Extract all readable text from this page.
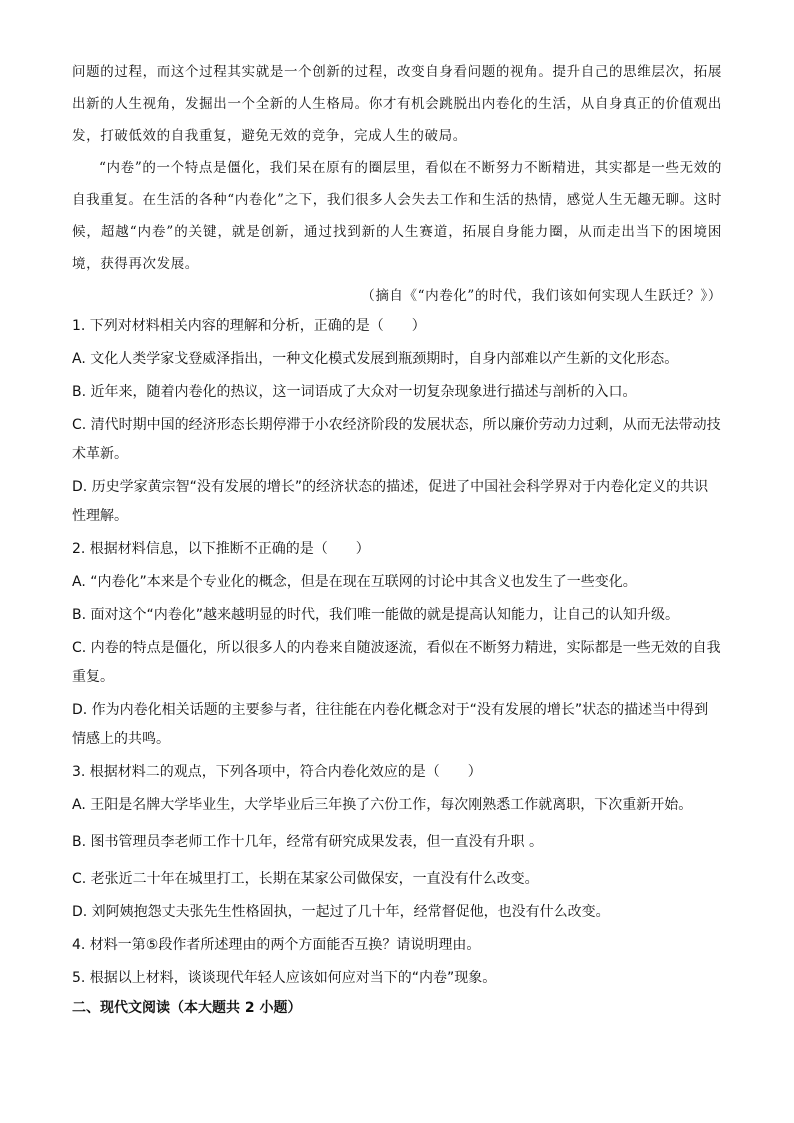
问题的过程，而这个过程其实就是一个创新的过程，改变自身看问题的视角。提升自己的思维层次，拓展出新的人生视角，发掘出一个全新的人生格局。你才有机会跳脱出内卷化的生活，从自身真正的价值观出发，打破低效的自我重复，避免无效的竞争，完成人生的破局。

“内卷”的一个特点是僵化，我们呆在原有的圈层里，看似在不断努力不断精进，其实都是一些无效的自我重复。在生活的各种“内卷化”之下，我们很多人会失去工作和生活的热情，感觉人生无趣无聊。这时候，超越“内卷”的关键，就是创新，通过找到新的人生赛道，拓展自身能力圈，从而走出当下的困境困境，获得再次发展。

（摘自《“内卷化”的时代，我们该如何实现人生跃迁？》）

1. 下列对材料相关内容的理解和分析，正确的是（　　）

A. 文化人类学家戈登威泽指出，一种文化模式发展到瓶颈期时，自身内部难以产生新的文化形态。

B. 近年来，随着内卷化的热议，这一词语成了大众对一切复杂现象进行描述与剖析的入口。

C. 清代时期中国的经济形态长期停滞于小农经济阶段的发展状态，所以廉价劳动力过剩，从而无法带动技术革新。

D. 历史学家黄宗智“没有发展的增长”的经济状态的描述，促进了中国社会科学界对于内卷化定义的共识性理解。

2. 根据材料信息，以下推断不正确的是（　　）

A. “内卷化”本来是个专业化的概念，但是在现在互联网的讨论中其含义也发生了一些变化。

B. 面对这个“内卷化”越来越明显的时代，我们唯一能做的就是提高认知能力，让自己的认知升级。

C. 内卷的特点是僵化，所以很多人的内卷来自随波逐流，看似在不断努力精进，实际都是一些无效的自我重复。

D. 作为内卷化相关话题的主要参与者，往往能在内卷化概念对于“没有发展的增长”状态的描述当中得到情感上的共鸣。

3. 根据材料二的观点，下列各项中，符合内卷化效应的是（　　）

A. 王阳是名牌大学毕业生，大学毕业后三年换了六份工作，每次刚熟悉工作就离职，下次重新开始。

B. 图书管理员李老师工作十几年，经常有研究成果发表，但一直没有升职 。

C. 老张近二十年在城里打工，长期在某家公司做保安，一直没有什么改变。

D. 刘阿姨抱怨丈夫张先生性格固执，一起过了几十年，经常督促他，也没有什么改变。

4. 材料一第⑤段作者所述理由的两个方面能否互换？请说明理由。

5. 根据以上材料，谈谈现代年轻人应该如何应对当下的“内卷”现象。

二、现代文阅读（本大题共 2 小题）
